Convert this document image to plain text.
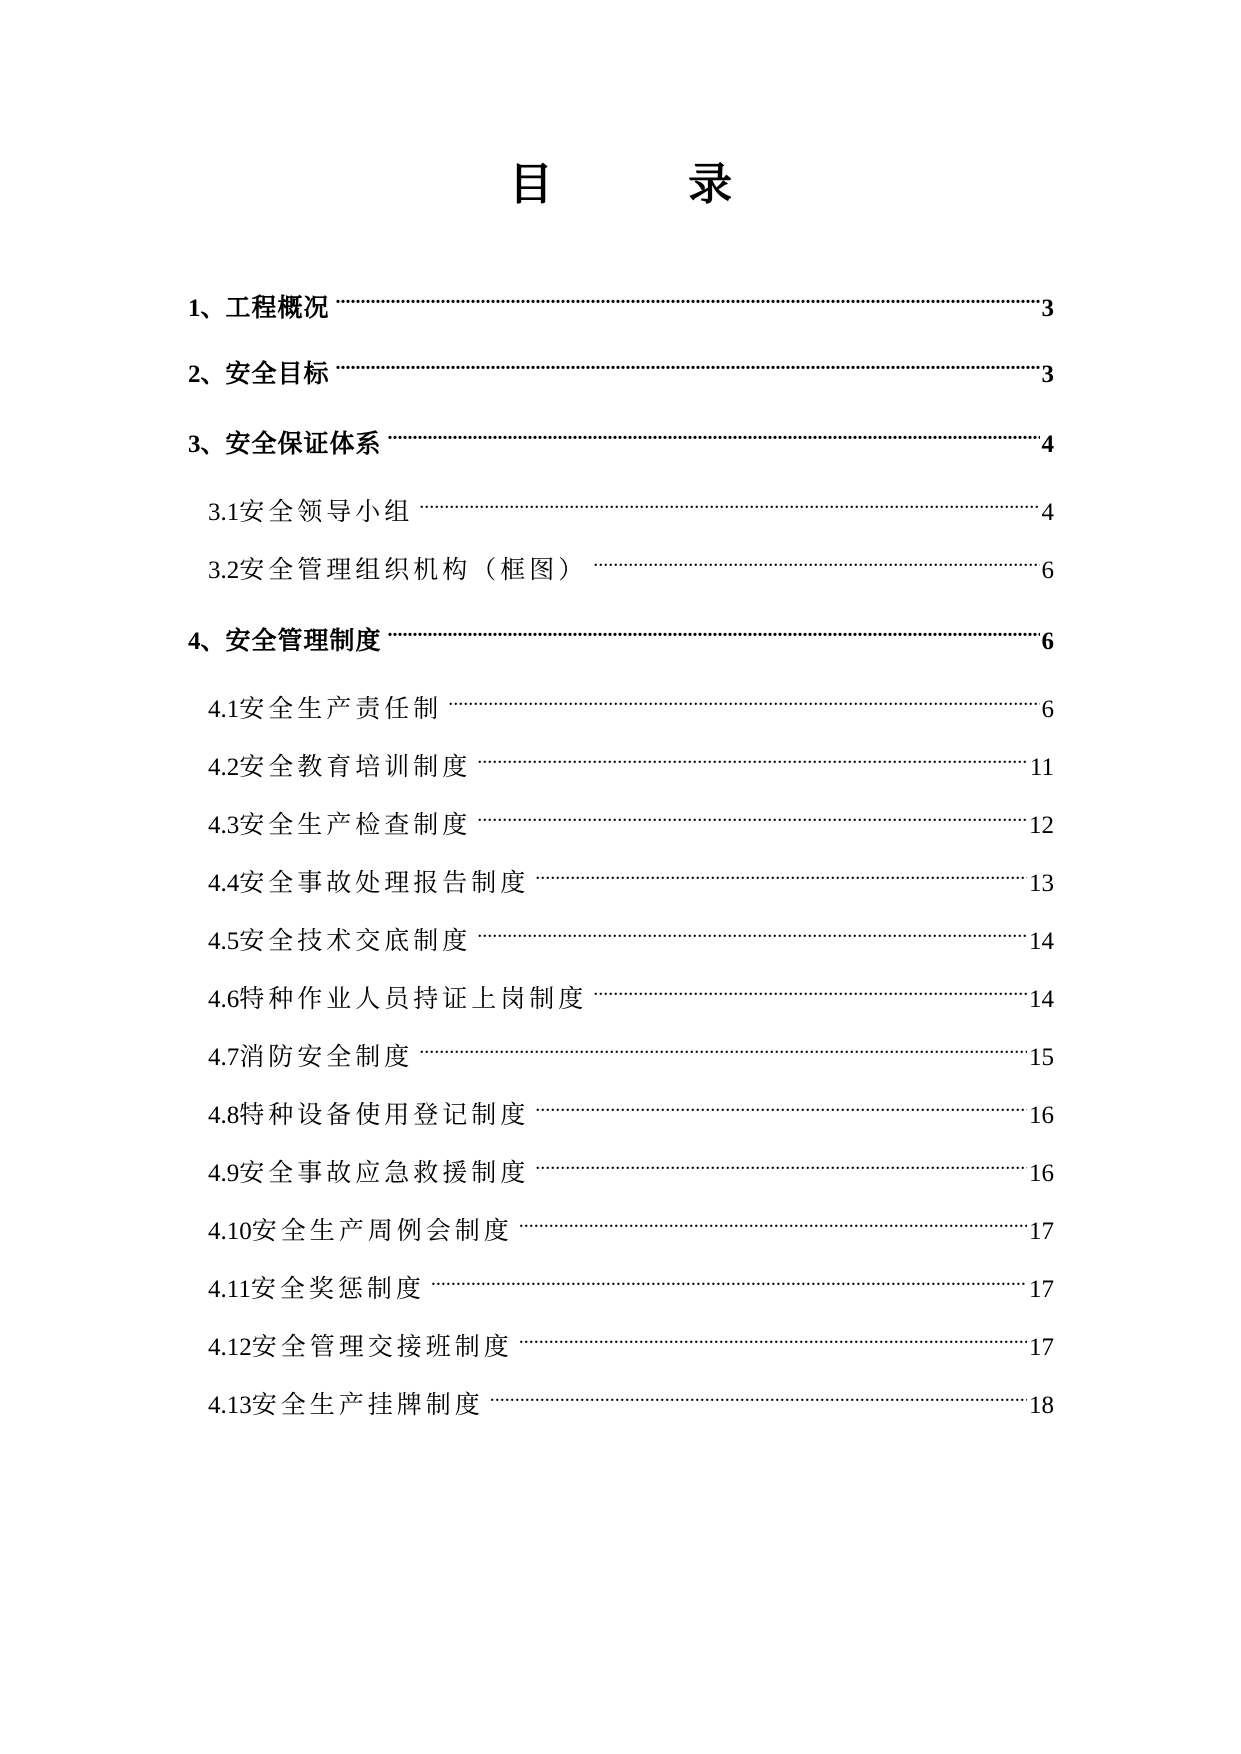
目 录
1、 工程概况 .....	3
2、 安全目标 .....	3
3、 安全保证体系 .....	4
3.1 安全领导小组 .....	4
3.2 安全管理组织机构（框图） .....	6
4、 安全管理制度 .....	6
4.1 安全生产责任制 .....	6
4.2 安全教育培训制度 .....	11
4.3 安全生产检查制度 .....	12
4.4 安全事故处理报告制度 .....	13
4.5 安全技术交底制度 .....	14
4.6 特种作业人员持证上岗制度 .....	14
4.7 消防安全制度 .....	15
4.8 特种设备使用登记制度 .....	16
4.9 安全事故应急救援制度 .....	16
4.10 安全生产周例会制度 .....	17
4.11 安全奖惩制度 .....	17
4.12 安全管理交接班制度 .....	17
4.13 安全生产挂牌制度 .....	18
